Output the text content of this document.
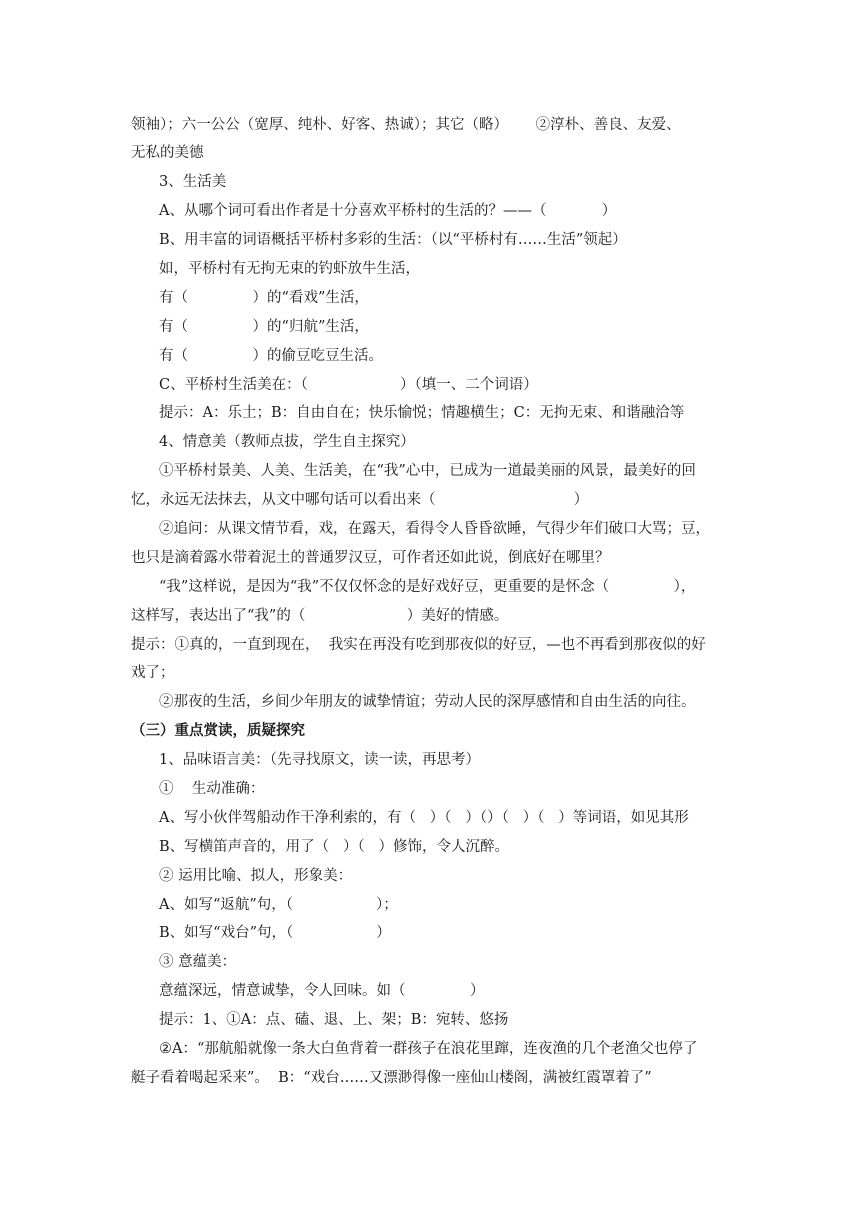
领袖）；六一公公（宽厚、纯朴、好客、热诚）；其它（略）      ②淳朴、善良、友爱、
无私的美德
3、生活美
A、从哪个词可看出作者是十分喜欢平桥村的生活的？——（            ）
B、用丰富的词语概括平桥村多彩的生活：（以“平桥村有……生活”领起）
如，平桥村有无拘无束的钓虾放牛生活，
有（              ）的“看戏”生活，
有（              ）的“归航”生活，
有（              ）的偷豆吃豆生活。
C、平桥村生活美在：（                    ）（填一、二个词语）
提示：A：乐土；B：自由自在；快乐愉悦；情趣横生；C：无拘无束、和谐融洽等
4、情意美（教师点拔，学生自主探究）
①平桥村景美、人美、生活美，在“我”心中，已成为一道最美丽的风景，最美好的回
忆，永远无法抹去，从文中哪句话可以看出来（                              ）
②追问：从课文情节看，戏，在露天，看得令人昏昏欲睡，气得少年们破口大骂；豆，
也只是滴着露水带着泥土的普通罗汉豆，可作者还如此说，倒底好在哪里？
“我”这样说，是因为“我”不仅仅怀念的是好戏好豆，更重要的是怀念（              ），
这样写，表达出了“我”的（                      ）美好的情感。
提示：①真的，一直到现在，  我实在再没有吃到那夜似的好豆，—也不再看到那夜似的好
戏了；
②那夜的生活，乡间少年朋友的诚挚情谊；劳动人民的深厚感情和自由生活的向往。
（三）重点赏读，质疑探究
1、品味语言美：（先寻找原文，读一读，再思考）
①    生动准确：
A、写小伙伴驾船动作干净利索的，有（   ）（   ）（）（   ）（   ）等词语，如见其形
B、写横笛声音的，用了（   ）（   ）修饰，令人沉醉。
② 运用比喻、拟人，形象美：
A、如写“返航”句，（                  ）；
B、如写“戏台”句，（                  ）
③ 意蕴美：
意蕴深远，情意诚挚，令人回味。如（              ）
提示：1、①A：点、磕、退、上、架；B：宛转、悠扬
②A：“那航船就像一条大白鱼背着一群孩子在浪花里蹿，连夜渔的几个老渔父也停了
艇子看着喝起采来”。  B：“戏台……又漂渺得像一座仙山楼阁，满被红霞罩着了”
